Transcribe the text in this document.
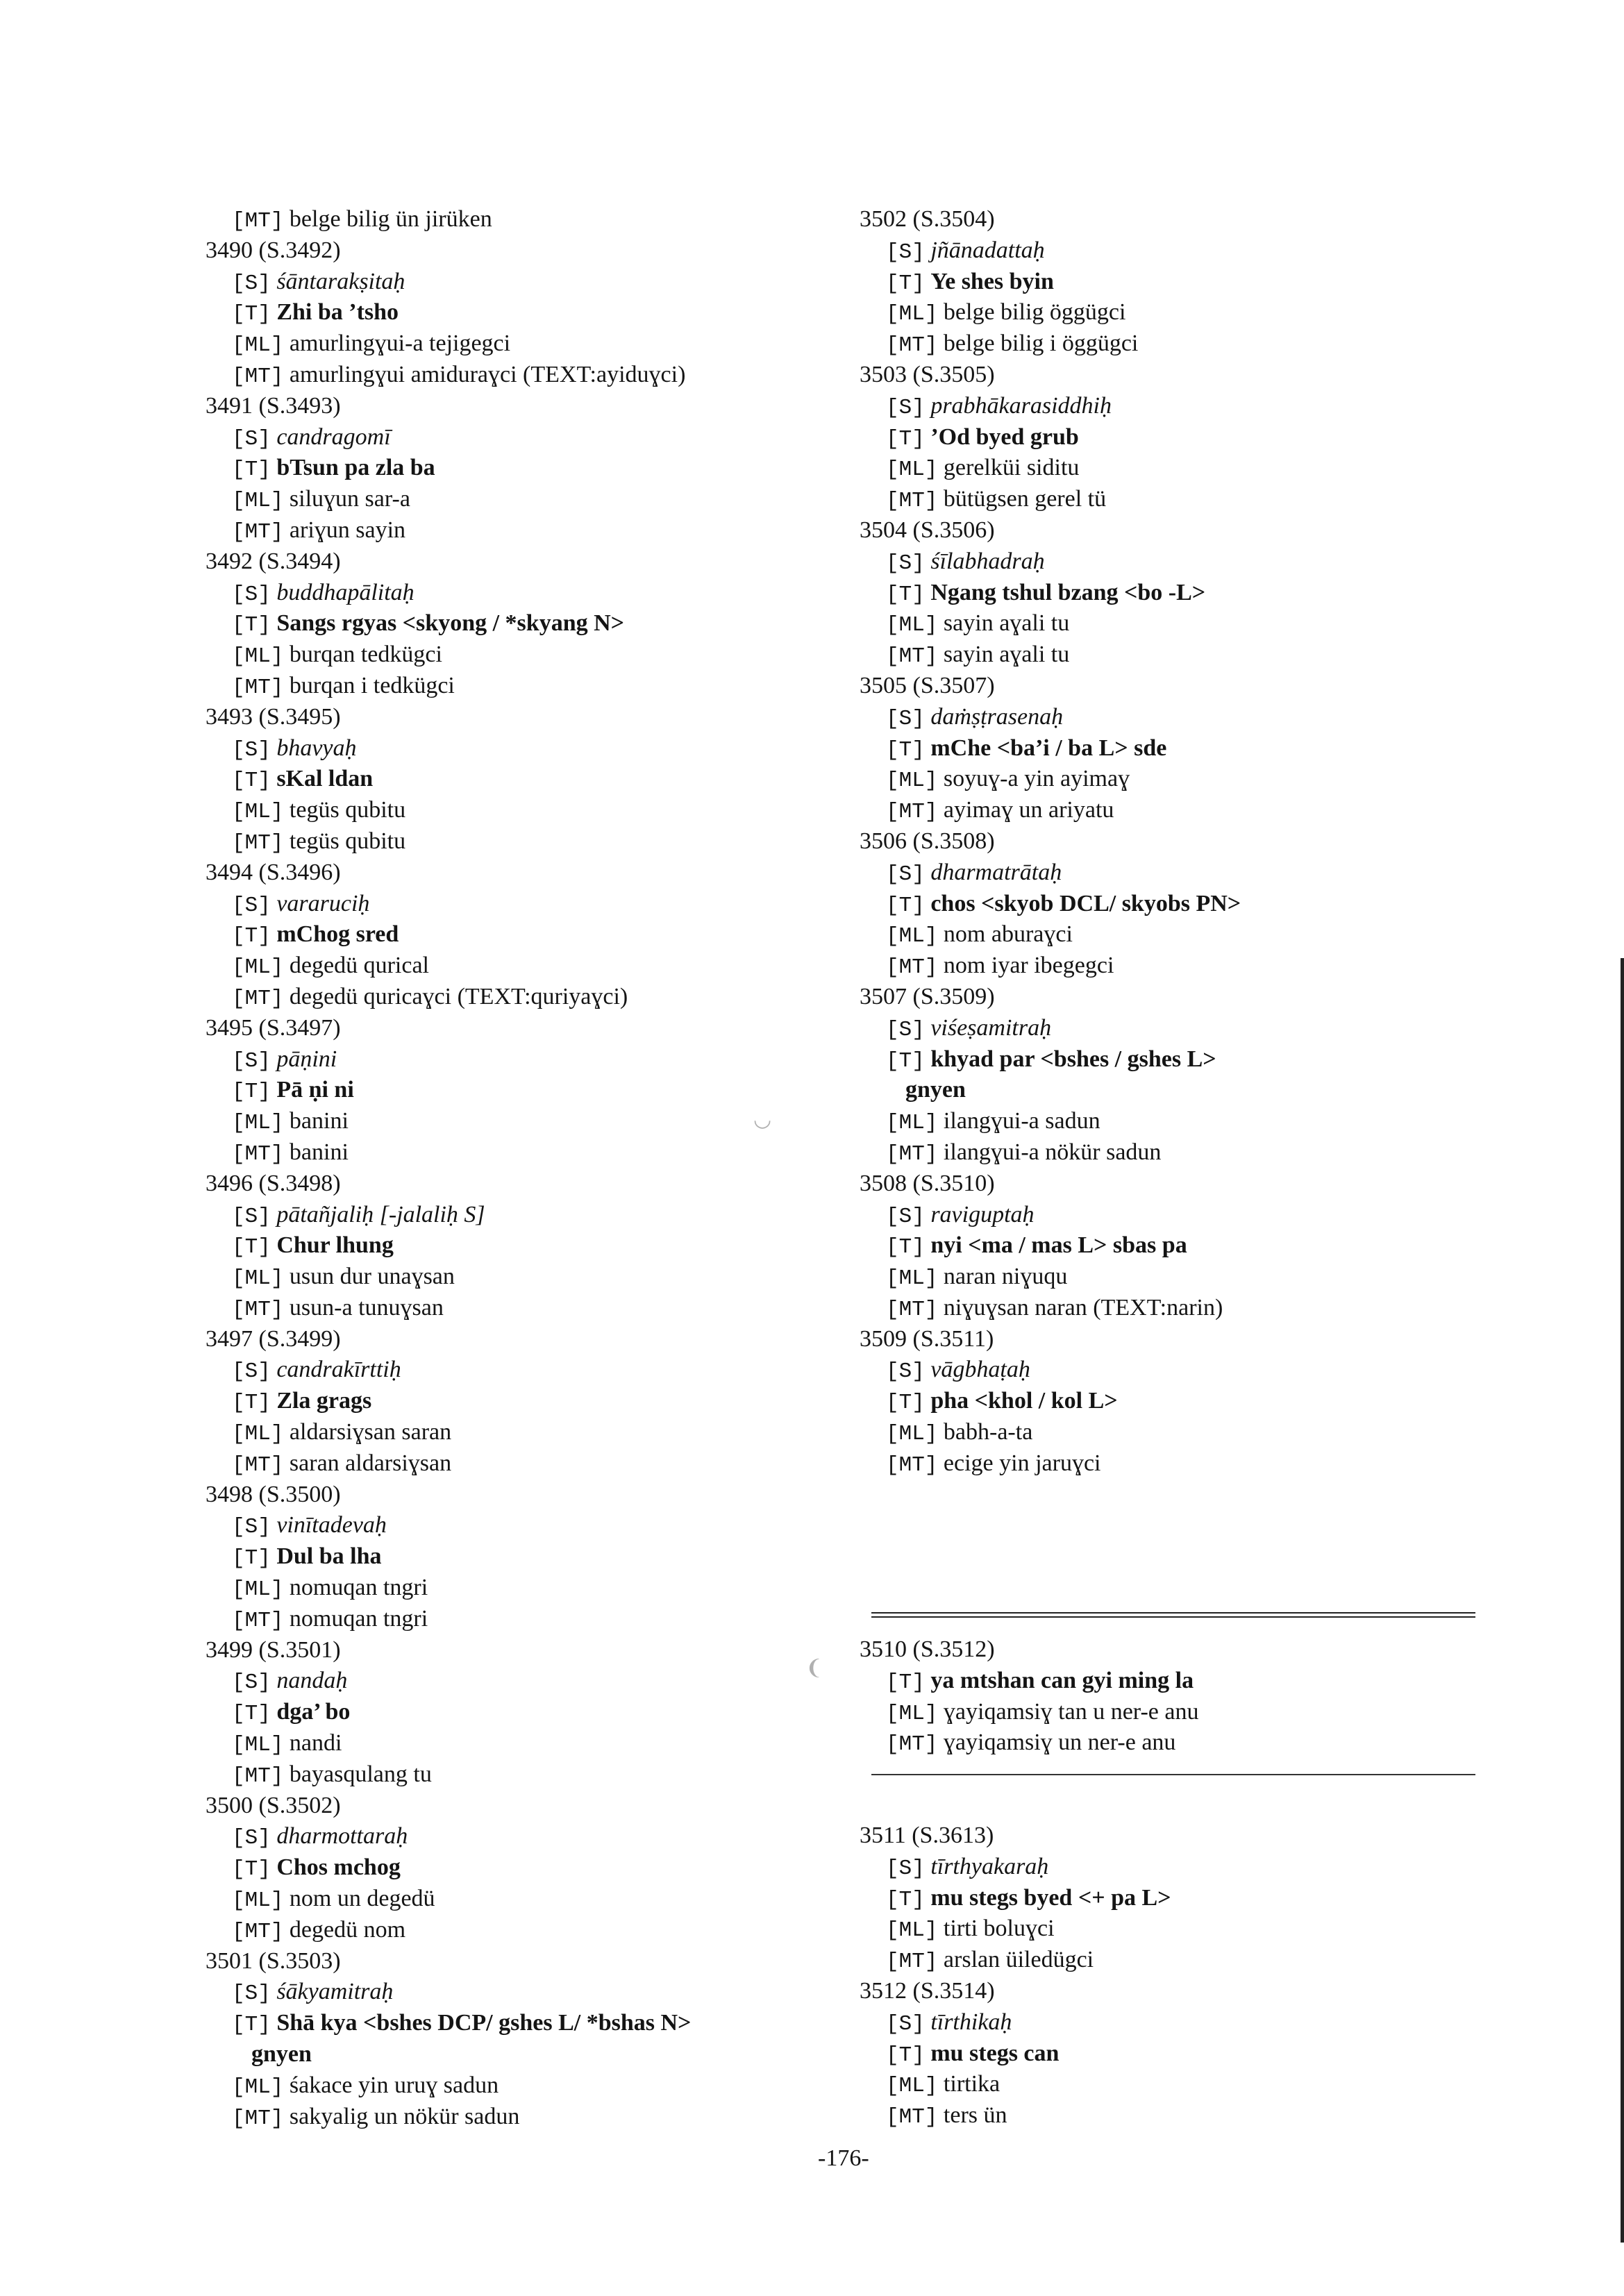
[MT] belge bilig ün jirüken
3490 (S.3492)
[S] śāntarakṣitaḥ
[T] Zhi ba ’tsho
[ML] amurlingɣui-a tejigegci
[MT] amurlingɣui amiduraɣci (TEXT:ayiduɣci)
3491 (S.3493)
[S] candragomī
[T] bTsun pa zla ba
[ML] siluɣun sar-a
[MT] ariɣun sayin
3492 (S.3494)
[S] buddhapālitaḥ
[T] Sangs rgyas <skyong / *skyang N>
[ML] burqan tedkügci
[MT] burqan i tedkügci
3493 (S.3495)
[S] bhavyaḥ
[T] sKal ldan
[ML] tegüs qubitu
[MT] tegüs qubitu
3494 (S.3496)
[S] vararuciḥ
[T] mChog sred
[ML] degedü qurical
[MT] degedü quricaɣci (TEXT:quriyaɣci)
3495 (S.3497)
[S] pāṇini
[T] Pā ṇi ni
[ML] banini
[MT] banini
3496 (S.3498)
[S] pātañjaliḥ [-jalaliḥ S]
[T] Chur lhung
[ML] usun dur unaɣsan
[MT] usun-a tunuɣsan
3497 (S.3499)
[S] candrakīrttiḥ
[T] Zla grags
[ML] aldarsiɣsan saran
[MT] saran aldarsiɣsan
3498 (S.3500)
[S] vinītadevaḥ
[T] Dul ba lha
[ML] nomuqan tngri
[MT] nomuqan tngri
3499 (S.3501)
[S] nandaḥ
[T] dga’ bo
[ML] nandi
[MT] bayasqulang tu
3500 (S.3502)
[S] dharmottaraḥ
[T] Chos mchog
[ML] nom un degedü
[MT] degedü nom
3501 (S.3503)
[S] śākyamitraḥ
[T] Shā kya <bshes DCP/ gshes L/ *bshas N>
gnyen
[ML] śakace yin uruɣ sadun
[MT] sakyalig un nökür sadun
3502 (S.3504)
[S] jñānadattaḥ
[T] Ye shes byin
[ML] belge bilig öggügci
[MT] belge bilig i öggügci
3503 (S.3505)
[S] prabhākarasiddhiḥ
[T] ’Od byed grub
[ML] gerelküi siditu
[MT] bütügsen gerel tü
3504 (S.3506)
[S] śīlabhadraḥ
[T] Ngang tshul bzang <bo -L>
[ML] sayin aɣali tu
[MT] sayin aɣali tu
3505 (S.3507)
[S] daṁṣṭrasenaḥ
[T] mChe <ba’i / ba L> sde
[ML] soyuɣ-a yin ayimaɣ
[MT] ayimaɣ un ariyatu
3506 (S.3508)
[S] dharmatrātaḥ
[T] chos <skyob DCL/ skyobs PN>
[ML] nom aburaɣci
[MT] nom iyar ibegegci
3507 (S.3509)
[S] viśeṣamitraḥ
[T] khyad par <bshes / gshes L>
gnyen
[ML] ilangɣui-a sadun
[MT] ilangɣui-a nökür sadun
3508 (S.3510)
[S] raviguptaḥ
[T] nyi <ma / mas L> sbas pa
[ML] naran niɣuqu
[MT] niɣuɣsan naran (TEXT:narin)
3509 (S.3511)
[S] vāgbhaṭaḥ
[T] pha <khol / kol L>
[ML] babh-a-ta
[MT] ecige yin jaruɣci
3510 (S.3512)
[T] ya mtshan can gyi ming la
[ML] ɣayiqamsiɣ tan u ner-e anu
[MT] ɣayiqamsiɣ un ner-e anu
3511 (S.3613)
[S] tīrthyakaraḥ
[T] mu stegs byed <+ pa L>
[ML] tirti boluɣci
[MT] arslan üiledügci
3512 (S.3514)
[S] tīrthikaḥ
[T] mu stegs can
[ML] tirtika
[MT] ters ün
-176-
◡
❨
